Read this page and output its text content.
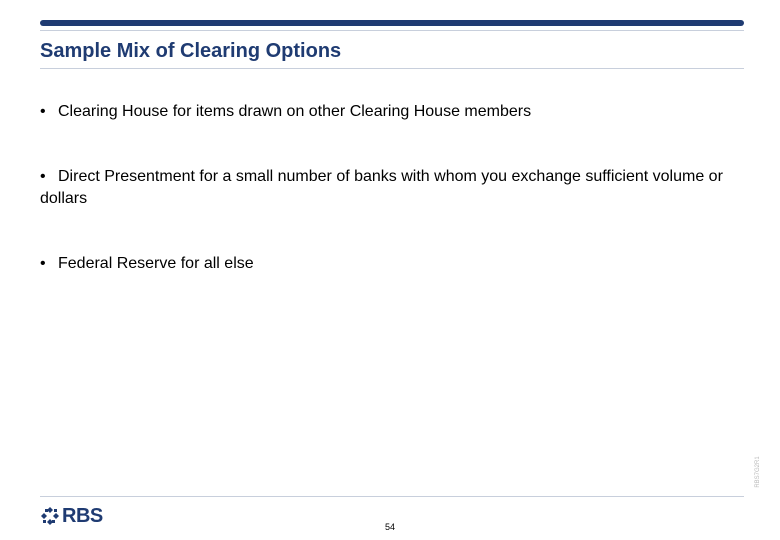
Sample Mix of Clearing Options
• Clearing House for items drawn on other Clearing House members
• Direct Presentment for a small number of banks with whom you exchange sufficient volume or dollars
• Federal Reserve for all else
RBS7G2R1
RBS	54
